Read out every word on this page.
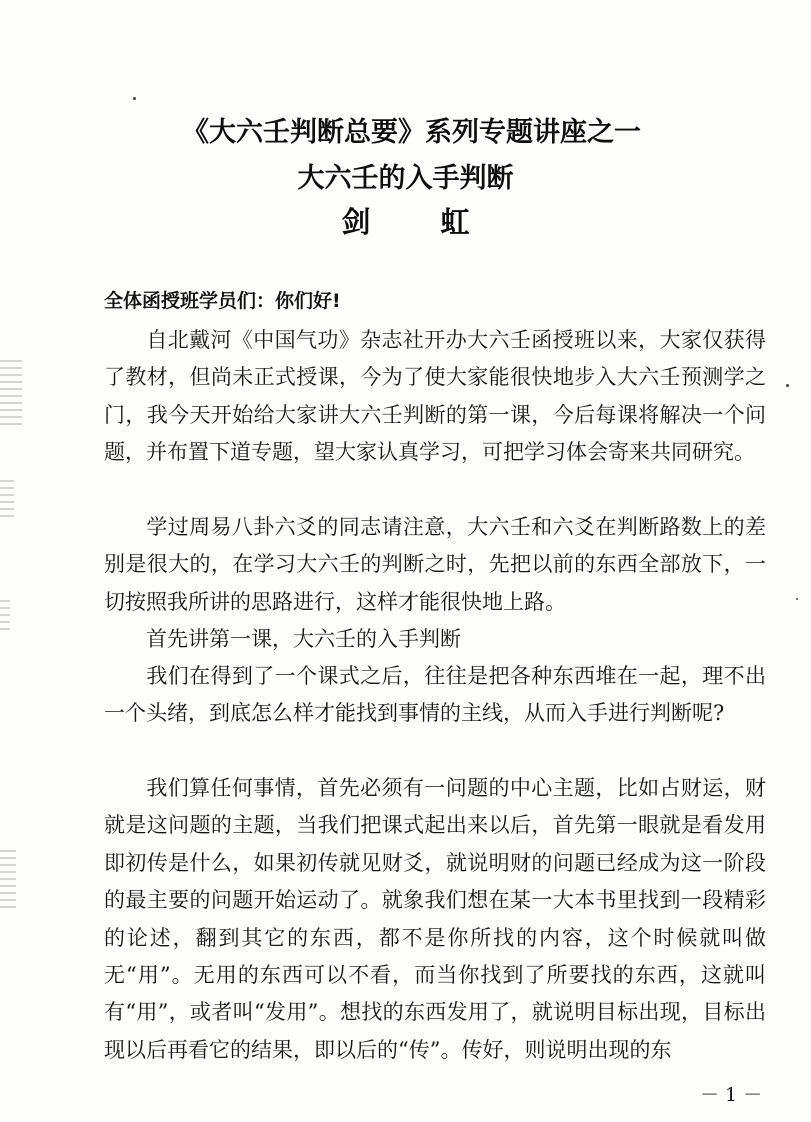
《大六壬判断总要》系列专题讲座之一
大六壬的入手判断
剑 虹
全体函授班学员们：你们好!
自北戴河《中国气功》杂志社开办大六壬函授班以来，大家仅获得了教材，但尚未正式授课，今为了使大家能很快地步入大六壬预测学之门，我今天开始给大家讲大六壬判断的第一课，今后每课将解决一个问题，并布置下道专题，望大家认真学习，可把学习体会寄来共同研究。
学过周易八卦六爻的同志请注意，大六壬和六爻在判断路数上的差别是很大的，在学习大六壬的判断之时，先把以前的东西全部放下，一切按照我所讲的思路进行，这样才能很快地上路。
首先讲第一课，大六壬的入手判断
我们在得到了一个课式之后，往往是把各种东西堆在一起，理不出一个头绪，到底怎么样才能找到事情的主线，从而入手进行判断呢?
我们算任何事情，首先必须有一问题的中心主题，比如占财运，财就是这问题的主题，当我们把课式起出来以后，首先第一眼就是看发用即初传是什么，如果初传就见财爻，就说明财的问题已经成为这一阶段的最主要的问题开始运动了。就象我们想在某一大本书里找到一段精彩的论述，翻到其它的东西，都不是你所找的内容，这个时候就叫做无“用”。无用的东西可以不看，而当你找到了所要找的东西，这就叫有“用”，或者叫“发用”。想找的东西发用了，就说明目标出现，目标出现以后再看它的结果，即以后的“传”。传好，则说明出现的东
－ 1 －
